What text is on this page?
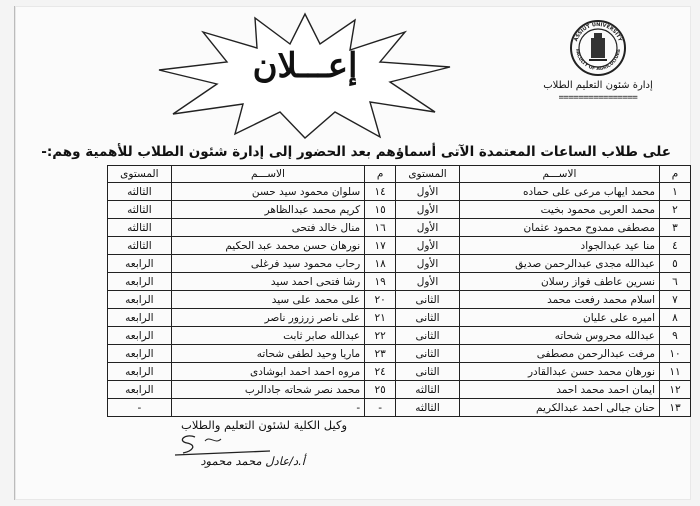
ASSIUT UNIVERSITY
FACULTY OF AGRICULTURE
إدارة شئون التعليم الطلاب
================
إعـــلان
على طلاب الساعات المعتمدة الآتى أسماؤهم بعد الحضور إلى إدارة شئون الطلاب للأهمية وهم:-
م	الاســـم	المستوى	م	الاســـم	المستوى
١	محمد ايهاب مرعى على حماده	الأول	١٤	سلوان محمود سيد حسن	الثالثه
٢	محمد العربى محمود بخيت	الأول	١٥	كريم محمد عبدالظاهر	الثالثه
٣	مصطفى ممدوح محمود عثمان	الأول	١٦	منال خالد فتحى	الثالثه
٤	منا عيد عبدالجواد	الأول	١٧	نورهان حسن محمد عبد الحكيم	الثالثه
٥	عبدالله مجدى عبدالرحمن صديق	الأول	١٨	رحاب محمود سيد فرغلى	الرابعه
٦	نسرين عاطف فواز رسلان	الأول	١٩	رشا فتحى احمد سيد	الرابعه
٧	اسلام محمد رفعت محمد	الثانى	٢٠	على محمد على سيد	الرابعه
٨	اميره على عليان	الثانى	٢١	على ناصر زرزور ناصر	الرابعه
٩	عبدالله محروس شحاته	الثانى	٢٢	عبدالله صابر ثابت	الرابعه
١٠	مرفت عبدالرحمن مصطفى	الثانى	٢٣	ماريا وحيد لطفى شحاته	الرابعه
١١	نورهان محمد حسن عبدالقادر	الثانى	٢٤	مروه احمد احمد ابوشادى	الرابعه
١٢	ايمان احمد محمد احمد	الثالثه	٢٥	محمد نصر شحاته جادالرب	الرابعه
١٣	حنان جبالى احمد عبدالكريم	الثالثه	-	-	-
وكيل الكلية لشئون التعليم والطلاب
أ.د/عادل محمد محمود
